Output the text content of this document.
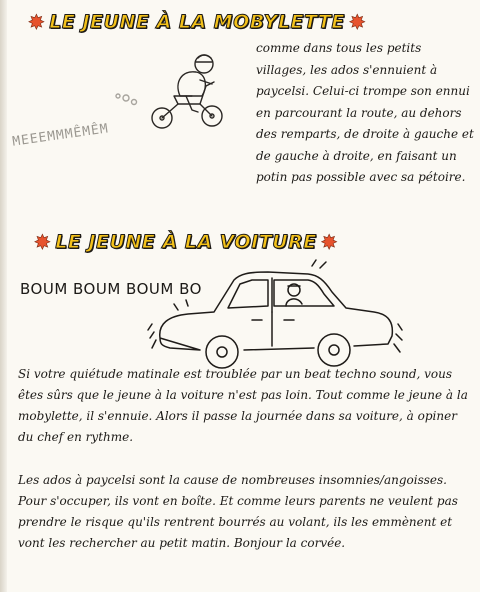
✸ LE JEUNE À LA MOBYLETTE ✸
MEEEMMMÊMÊM
comme dans tous les petits villages, les ados s'ennuient à paycelsi. Celui-ci trompe son ennui en parcourant la route, au dehors des remparts, de droite à gauche et de gauche à droite, en faisant un potin pas possible avec sa pétoire.
✸ LE JEUNE À LA VOITURE ✸
BOUM BOUM BOUM BO
Si votre quiétude matinale est troublée par un beat techno sound, vous êtes sûrs que le jeune à la voiture n'est pas loin. Tout comme le jeune à la mobylette, il s'ennuie. Alors il passe la journée dans sa voiture, à opiner du chef en rythme.
Les ados à paycelsi sont la cause de nombreuses insomnies/angoisses. Pour s'occuper, ils vont en boîte. Et comme leurs parents ne veulent pas prendre le risque qu'ils rentrent bourrés au volant, ils les emmènent et vont les rechercher au petit matin. Bonjour la corvée.
